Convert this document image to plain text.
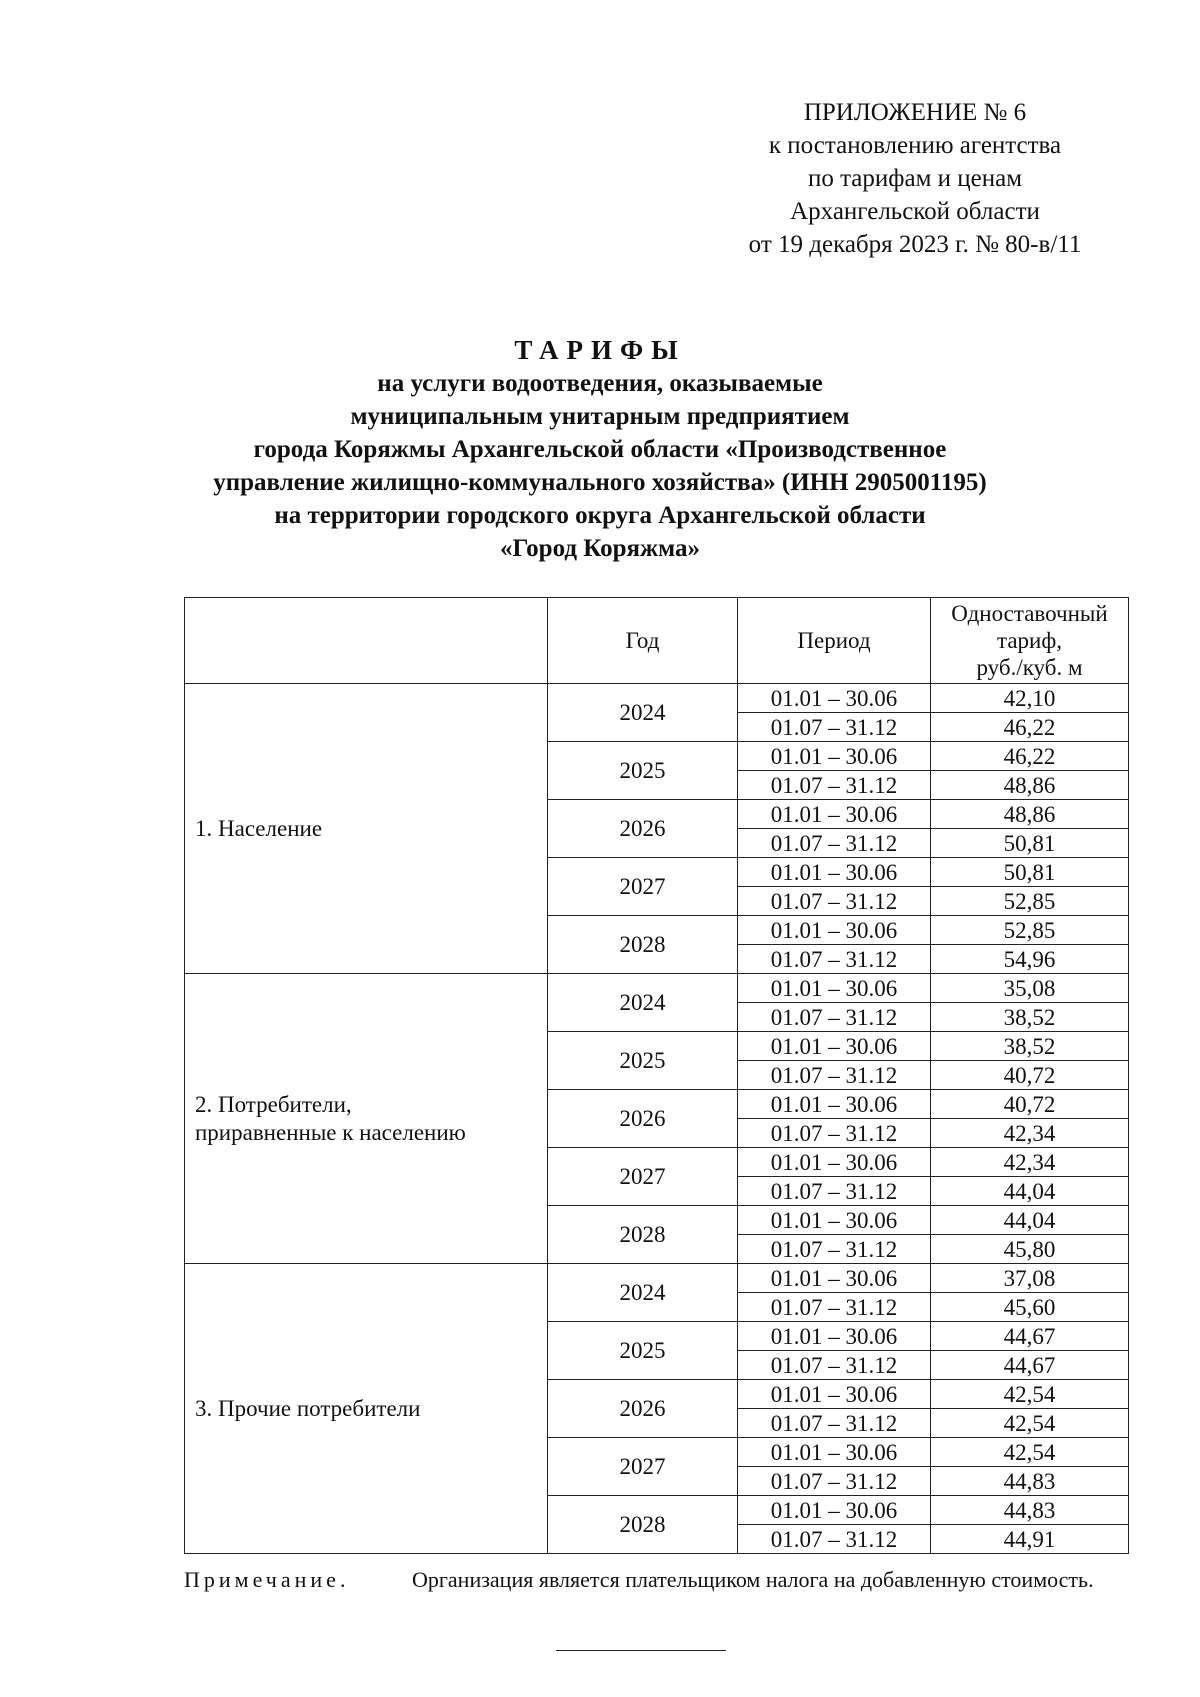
ПРИЛОЖЕНИЕ № 6
к постановлению агентства
по тарифам и ценам
Архангельской области
от 19 декабря 2023 г. № 80-в/11
ТАРИФЫ
на услуги водоотведения, оказываемые
муниципальным унитарным предприятием
города Коряжмы Архангельской области «Производственное
управление жилищно-коммунального хозяйства» (ИНН 2905001195)
на территории городского округа Архангельской области
«Город Коряжма»
	Год	Период	Одноставочный
тариф,
руб./куб. м

1. Население	2024	01.01 – 30.06	42,10
		01.07 – 31.12	46,22
	2025	01.01 – 30.06	46,22
		01.07 – 31.12	48,86
	2026	01.01 – 30.06	48,86
		01.07 – 31.12	50,81
	2027	01.01 – 30.06	50,81
		01.07 – 31.12	52,85
	2028	01.01 – 30.06	52,85
		01.07 – 31.12	54,96

2. Потребители,
приравненные к населению	2024	01.01 – 30.06	35,08
		01.07 – 31.12	38,52
	2025	01.01 – 30.06	38,52
		01.07 – 31.12	40,72
	2026	01.01 – 30.06	40,72
		01.07 – 31.12	42,34
	2027	01.01 – 30.06	42,34
		01.07 – 31.12	44,04
	2028	01.01 – 30.06	44,04
		01.07 – 31.12	45,80

3. Прочие потребители	2024	01.01 – 30.06	37,08
		01.07 – 31.12	45,60
	2025	01.01 – 30.06	44,67
		01.07 – 31.12	44,67
	2026	01.01 – 30.06	42,54
		01.07 – 31.12	42,54
	2027	01.01 – 30.06	42,54
		01.07 – 31.12	44,83
	2028	01.01 – 30.06	44,83
		01.07 – 31.12	44,91
Примечание.	Организация является плательщиком налога на добавленную стоимость.
